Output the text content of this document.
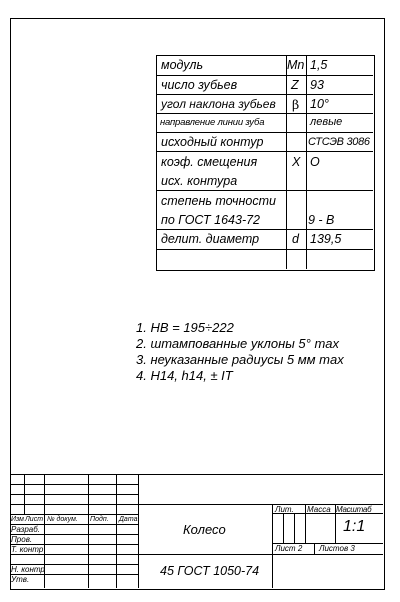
модуль	Mn 1,5
число зубьев	Z 93
угол наклона зубьев β 10°
направление линии зуба	левые
исходный контур	СТСЭВ 3086
коэф. смещения	X O
исх. контура
степень точности
по ГОСТ 1643-72	9 - B
делит. диаметр	d 139,5
1. HB = 195÷222
2. штампованные уклоны 5° max
3. неуказанные радиусы 5 мм max
4. H14, h14, ± IT
Изм Лист № докум. Подп. Дата
Разраб.
Пров.
Т. контр
Н. контр
Утв.
Колесо
45 ГОСТ 1050-74
Лит. Масса Масштаб
1:1
Лист 2 Листов 3
